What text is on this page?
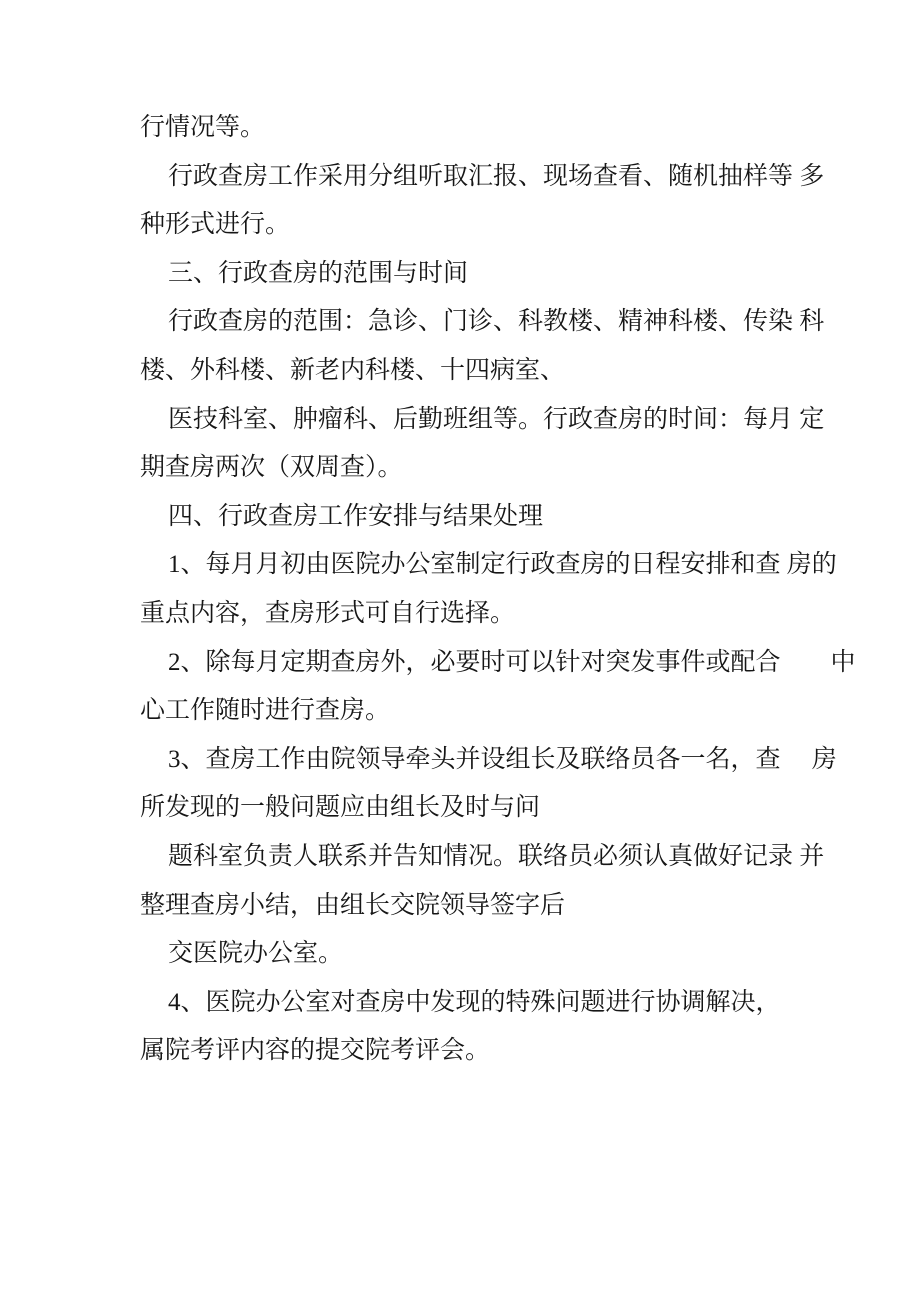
行情况等。
行政查房工作采用分组听取汇报、现场查看、随机抽样等 多
种形式进行。
三、行政查房的范围与时间
行政查房的范围：急诊、门诊、科教楼、精神科楼、传染 科
楼、外科楼、新老内科楼、十四病室、
医技科室、肿瘤科、后勤班组等。行政查房的时间：每月 定
期查房两次（双周查）。
四、行政查房工作安排与结果处理
1、每月月初由医院办公室制定行政查房的日程安排和查 房的
重点内容，查房形式可自行选择。
2、除每月定期查房外，必要时可以针对突发事件或配合　　中
心工作随时进行查房。
3、查房工作由院领导牵头并设组长及联络员各一名，查　 房
所发现的一般问题应由组长及时与问
题科室负责人联系并告知情况。联络员必须认真做好记录 并
整理查房小结，由组长交院领导签字后
交医院办公室。
4、医院办公室对查房中发现的特殊问题进行协调解决，
属院考评内容的提交院考评会。
